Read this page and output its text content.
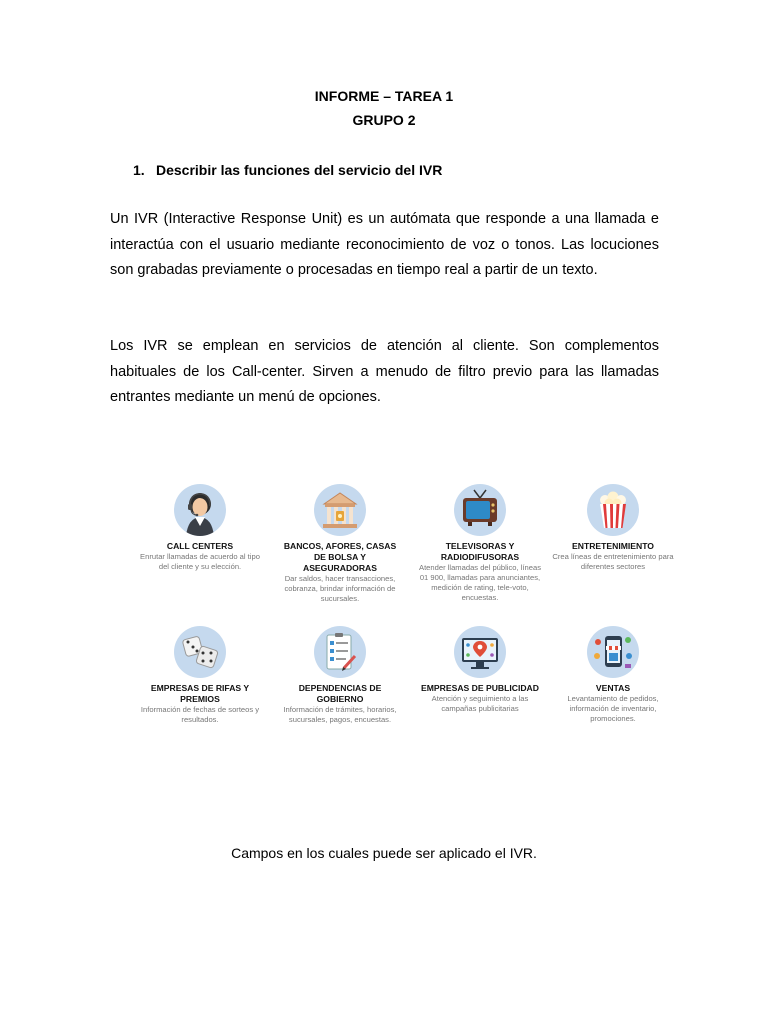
INFORME – TAREA 1
GRUPO 2
1. Describir las funciones del servicio del IVR
Un IVR (Interactive Response Unit) es un autómata que responde a una llamada e interactúa con el usuario mediante reconocimiento de voz o tonos. Las locuciones son grabadas previamente o procesadas en tiempo real a partir de un texto.
Los IVR se emplean en servicios de atención al cliente. Son complementos habituales de los Call-center. Sirven a menudo de filtro previo para las llamadas entrantes mediante un menú de opciones.
CALL CENTERS
Enrutar llamadas de acuerdo al tipo del cliente y su elección.
BANCOS, AFORES, CASAS DE BOLSA Y ASEGURADORAS
Dar saldos, hacer transacciones, cobranza, brindar información de sucursales.
TELEVISORAS Y RADIODIFUSORAS
Atender llamadas del público, líneas 01 900, llamadas para anunciantes, medición de rating, tele-voto, encuestas.
ENTRETENIMIENTO
Crea líneas de entretenimiento para diferentes sectores
EMPRESAS DE RIFAS Y PREMIOS
Información de fechas de sorteos y resultados.
DEPENDENCIAS DE GOBIERNO
Información de trámites, horarios, sucursales, pagos, encuestas.
EMPRESAS DE PUBLICIDAD
Atención y seguimiento a las campañas publicitarias
VENTAS
Levantamiento de pedidos, información de inventario, promociones.
Campos en los cuales puede ser aplicado el IVR.
